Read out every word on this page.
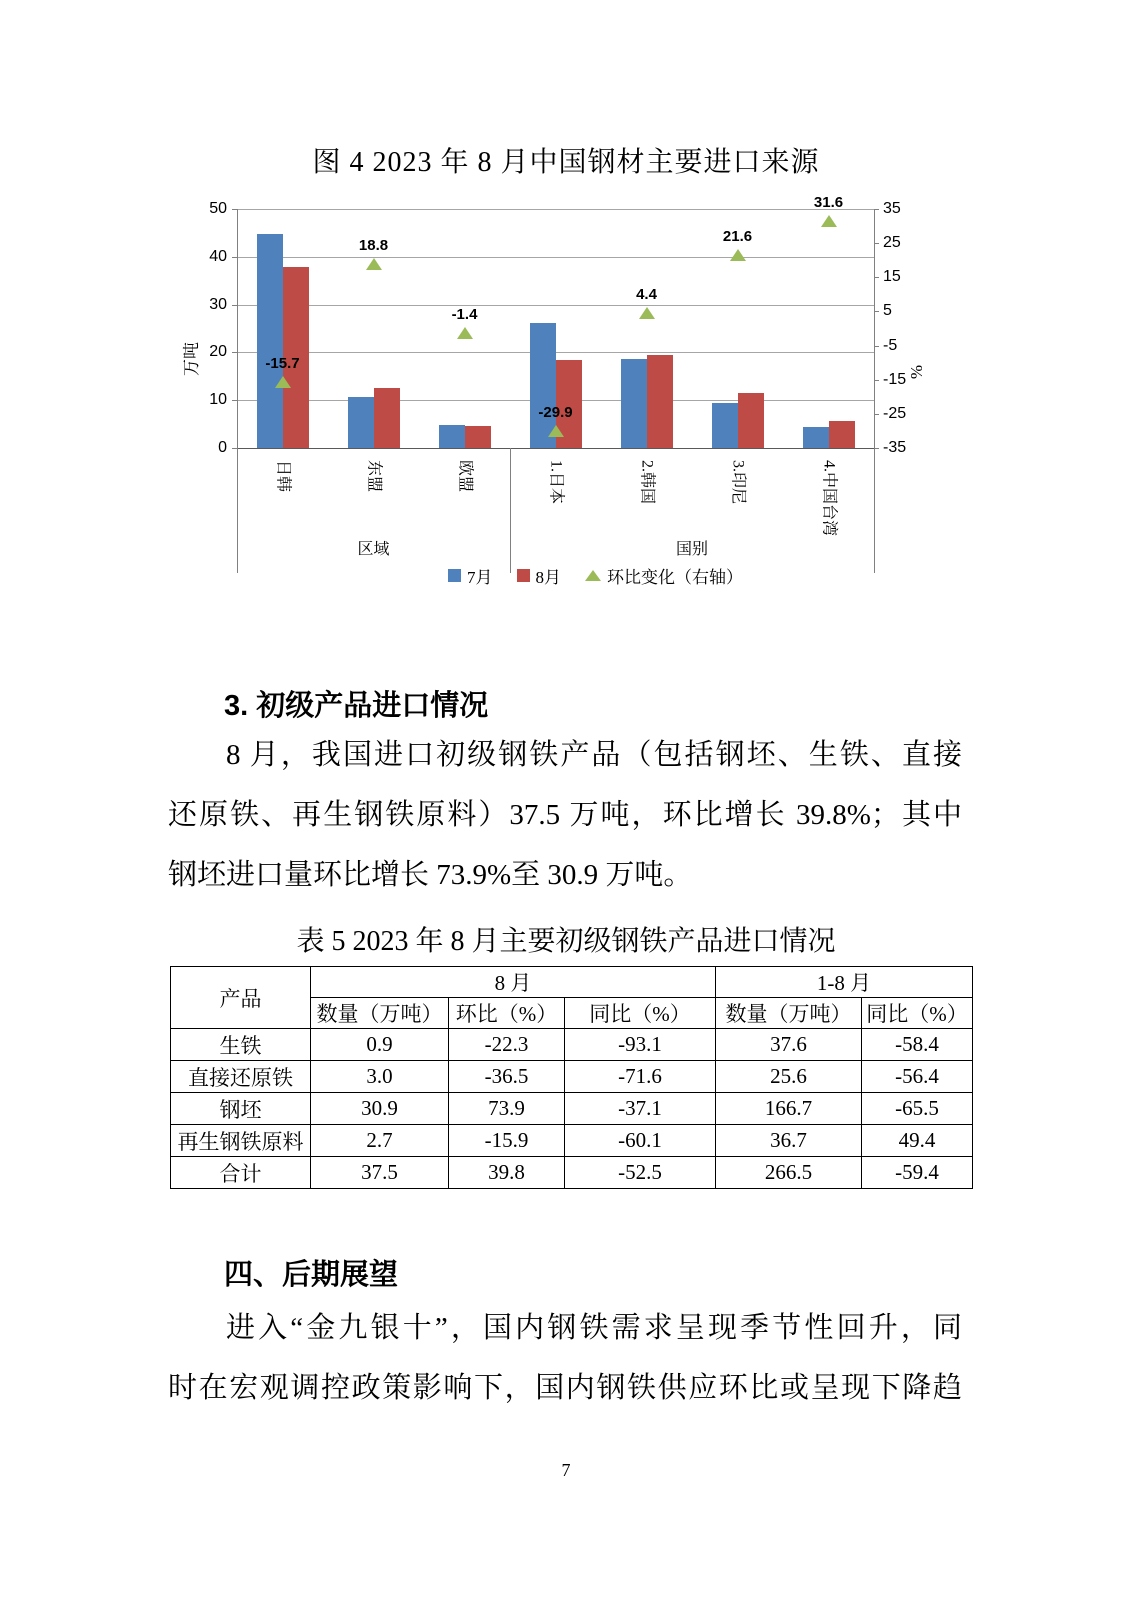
图 4 2023 年 8 月中国钢材主要进口来源
0
10
20
30
40
50
-35
-25
-15
-5
5
15
25
35
-15.7
18.8
-1.4
-29.9
4.4
21.6
31.6
日韩	东盟	欧盟	1.日本	2.韩国	3.印尼	4.中国台湾
区域	国别
万吨	%
7月	8月	环比变化（右轴）
3. 初级产品进口情况
8 月，我国进口初级钢铁产品（包括钢坯、生铁、直接
还原铁、再生钢铁原料）37.5 万吨，环比增长 39.8%；其中
钢坯进口量环比增长 73.9%至 30.9 万吨。
表 5 2023 年 8 月主要初级钢铁产品进口情况
产品	8 月			1-8 月	
	数量（万吨）	环比（%）	同比（%）	数量（万吨）	同比（%）
生铁	0.9	-22.3	-93.1	37.6	-58.4
直接还原铁	3.0	-36.5	-71.6	25.6	-56.4
钢坯	30.9	73.9	-37.1	166.7	-65.5
再生钢铁原料	2.7	-15.9	-60.1	36.7	49.4
合计	37.5	39.8	-52.5	266.5	-59.4
四、后期展望
进入“金九银十”，国内钢铁需求呈现季节性回升，同
时在宏观调控政策影响下，国内钢铁供应环比或呈现下降趋
7
